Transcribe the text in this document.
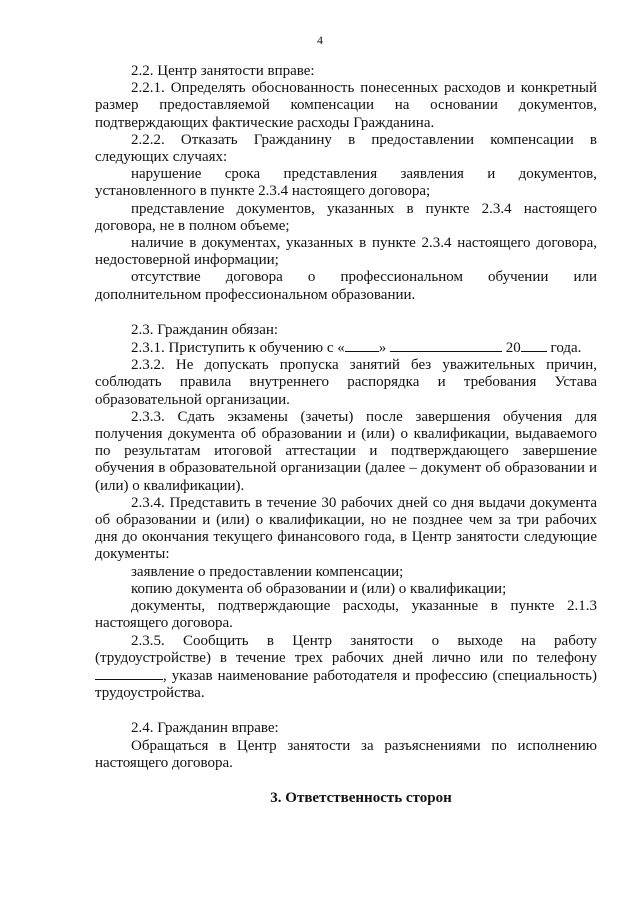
4

2.2. Центр занятости вправе:

2.2.1. Определять обоснованность понесенных расходов и конкретный размер предоставляемой компенсации на основании документов, подтверждающих фактические расходы Гражданина.

2.2.2. Отказать Гражданину в предоставлении компенсации в следующих случаях:

нарушение срока представления заявления и документов, установленного в пункте 2.3.4 настоящего договора;

представление документов, указанных в пункте 2.3.4 настоящего договора, не в полном объеме;

наличие в документах, указанных в пункте 2.3.4 настоящего договора, недостоверной информации;

отсутствие договора о профессиональном обучении или дополнительном профессиональном образовании.

2.3. Гражданин обязан:

2.3.1. Приступить к обучению с « »	20 года.

2.3.2. Не допускать пропуска занятий без уважительных причин, соблюдать правила внутреннего распорядка и требования Устава образовательной организации.

2.3.3. Сдать экзамены (зачеты) после завершения обучения для получения документа об образовании и (или) о квалификации, выдаваемого по результатам итоговой аттестации и подтверждающего завершение обучения в образовательной организации (далее – документ об образовании и (или) о квалификации).

2.3.4. Представить в течение 30 рабочих дней со дня выдачи документа об образовании и (или) о квалификации, но не позднее чем за три рабочих дня до окончания текущего финансового года, в Центр занятости следующие документы:

заявление о предоставлении компенсации;

копию документа об образовании и (или) о квалификации;

документы, подтверждающие расходы, указанные в пункте 2.1.3 настоящего договора.

2.3.5. Сообщить в Центр занятости о выходе на работу (трудоустройстве) в течение трех рабочих дней лично или по телефону , указав наименование работодателя и профессию (специальность) трудоустройства.

2.4. Гражданин вправе:

Обращаться в Центр занятости за разъяснениями по исполнению настоящего договора.

3. Ответственность сторон
